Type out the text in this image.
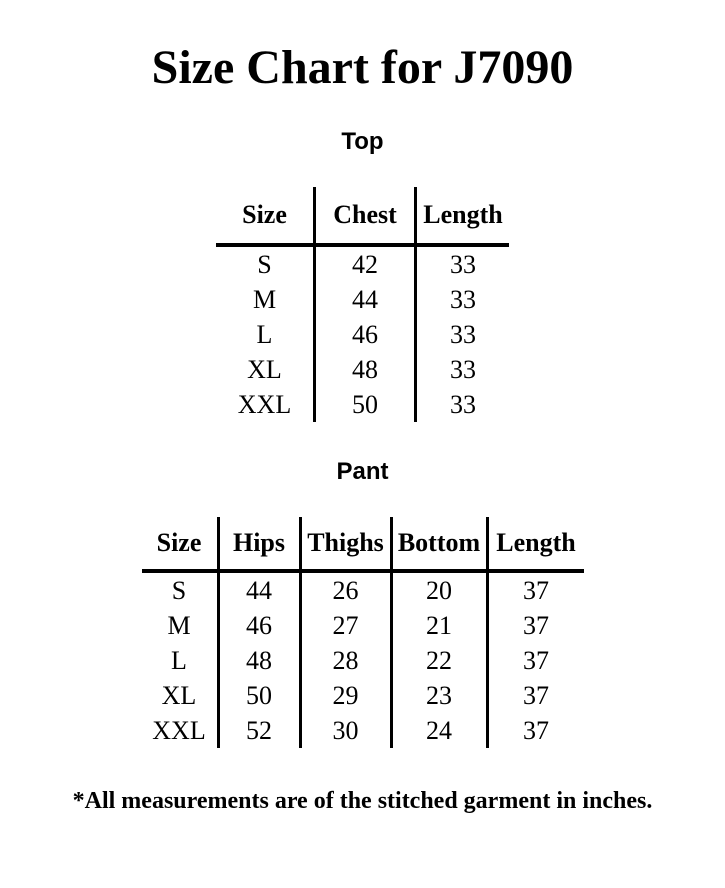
Size Chart for J7090
Top
Size	Chest	Length
S	42	33
M	44	33
L	46	33
XL	48	33
XXL	50	33
Pant
Size	Hips	Thighs	Bottom	Length
S	44	26	20	37
M	46	27	21	37
L	48	28	22	37
XL	50	29	23	37
XXL	52	30	24	37

*All measurements are of the stitched garment in inches.
